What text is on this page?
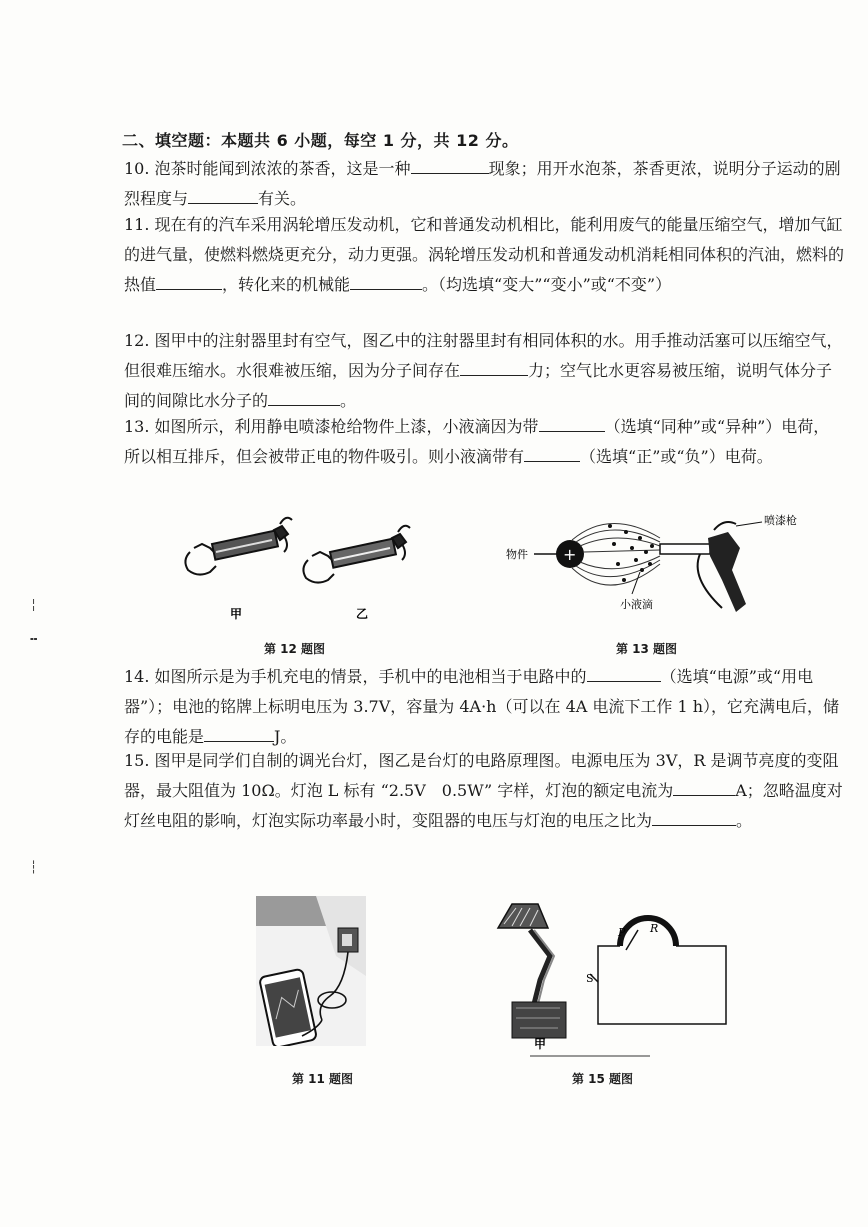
二、填空题：本题共 6 小题，每空 1 分，共 12 分。
10. 泡茶时能闻到浓浓的茶香，这是一种	现象；用开水泡茶，茶香更浓，说明分子运动的剧烈程度与	有关。
11. 现在有的汽车采用涡轮增压发动机，它和普通发动机相比，能利用废气的能量压缩空气，增加气缸的进气量，使燃料燃烧更充分，动力更强。涡轮增压发动机和普通发动机消耗相同体积的汽油，燃料的热值	，转化来的机械能	。（均选填“变大”“变小”或“不变”）
12. 图甲中的注射器里封有空气，图乙中的注射器里封有相同体积的水。用手推动活塞可以压缩空气，但很难压缩水。水很难被压缩，因为分子间存在	力；空气比水更容易被压缩，说明气体分子间的间隙比水分子的	。
13. 如图所示，利用静电喷漆枪给物件上漆，小液滴因为带	（选填“同种”或“异种”）电荷，所以相互排斥，但会被带正电的物件吸引。则小液滴带有	（选填“正”或“负”）电荷。
甲	乙
第 12 题图
物件 +
喷漆枪
小液滴
第 13 题图
14. 如图所示是为手机充电的情景，手机中的电池相当于电路中的	（选填“电源”或“用电器”）；电池的铭牌上标明电压为 3.7V，容量为 4A·h（可以在 4A 电流下工作 1 h），它充满电后，储存的电能是	J。
15. 图甲是同学们自制的调光台灯，图乙是台灯的电路原理图。电源电压为 3V，R 是调节亮度的变阻器，最大阻值为 10Ω。灯泡 L 标有 “2.5V　0.5W” 字样，灯泡的额定电流为	A；忽略温度对灯丝电阻的影响，灯泡实际功率最小时，变阻器的电压与灯泡的电压之比为	。
第 11 题图
甲
P R
S
第 15 题图
╎
╍
┆
